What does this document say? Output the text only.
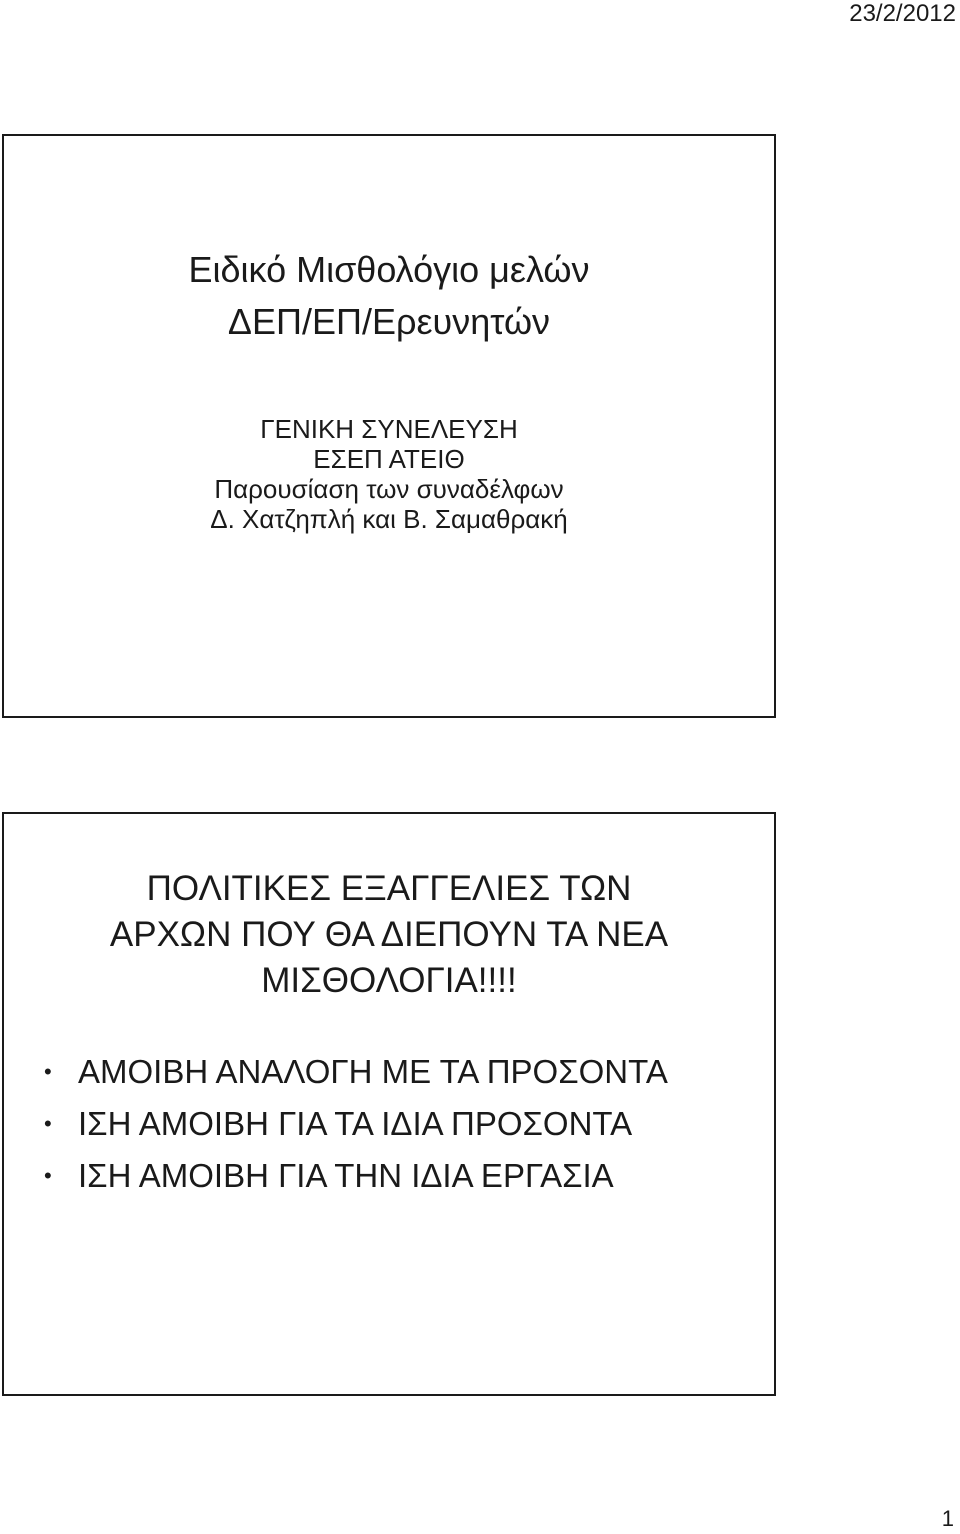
23/2/2012
Ειδικό Μισθολόγιο μελών
ΔΕΠ/ΕΠ/Ερευνητών
ΓΕΝΙΚΗ ΣΥΝΕΛΕΥΣΗ
ΕΣΕΠ ΑΤΕΙΘ
Παρουσίαση των συναδέλφων
Δ. Χατζηπλή και Β. Σαμαθρακή
ΠΟΛΙΤΙΚΕΣ ΕΞΑΓΓΕΛΙΕΣ ΤΩΝ
ΑΡΧΩΝ ΠΟΥ ΘΑ ΔΙΕΠΟΥΝ ΤΑ ΝΕΑ
ΜΙΣΘΟΛΟΓΙΑ!!!!
• ΑΜΟΙΒΗ ΑΝΑΛΟΓΗ ΜΕ ΤΑ ΠΡΟΣΟΝΤΑ
• ΙΣΗ ΑΜΟΙΒΗ ΓΙΑ ΤΑ ΙΔΙΑ ΠΡΟΣΟΝΤΑ
• ΙΣΗ ΑΜΟΙΒΗ ΓΙΑ ΤΗΝ ΙΔΙΑ ΕΡΓΑΣΙΑ
1
